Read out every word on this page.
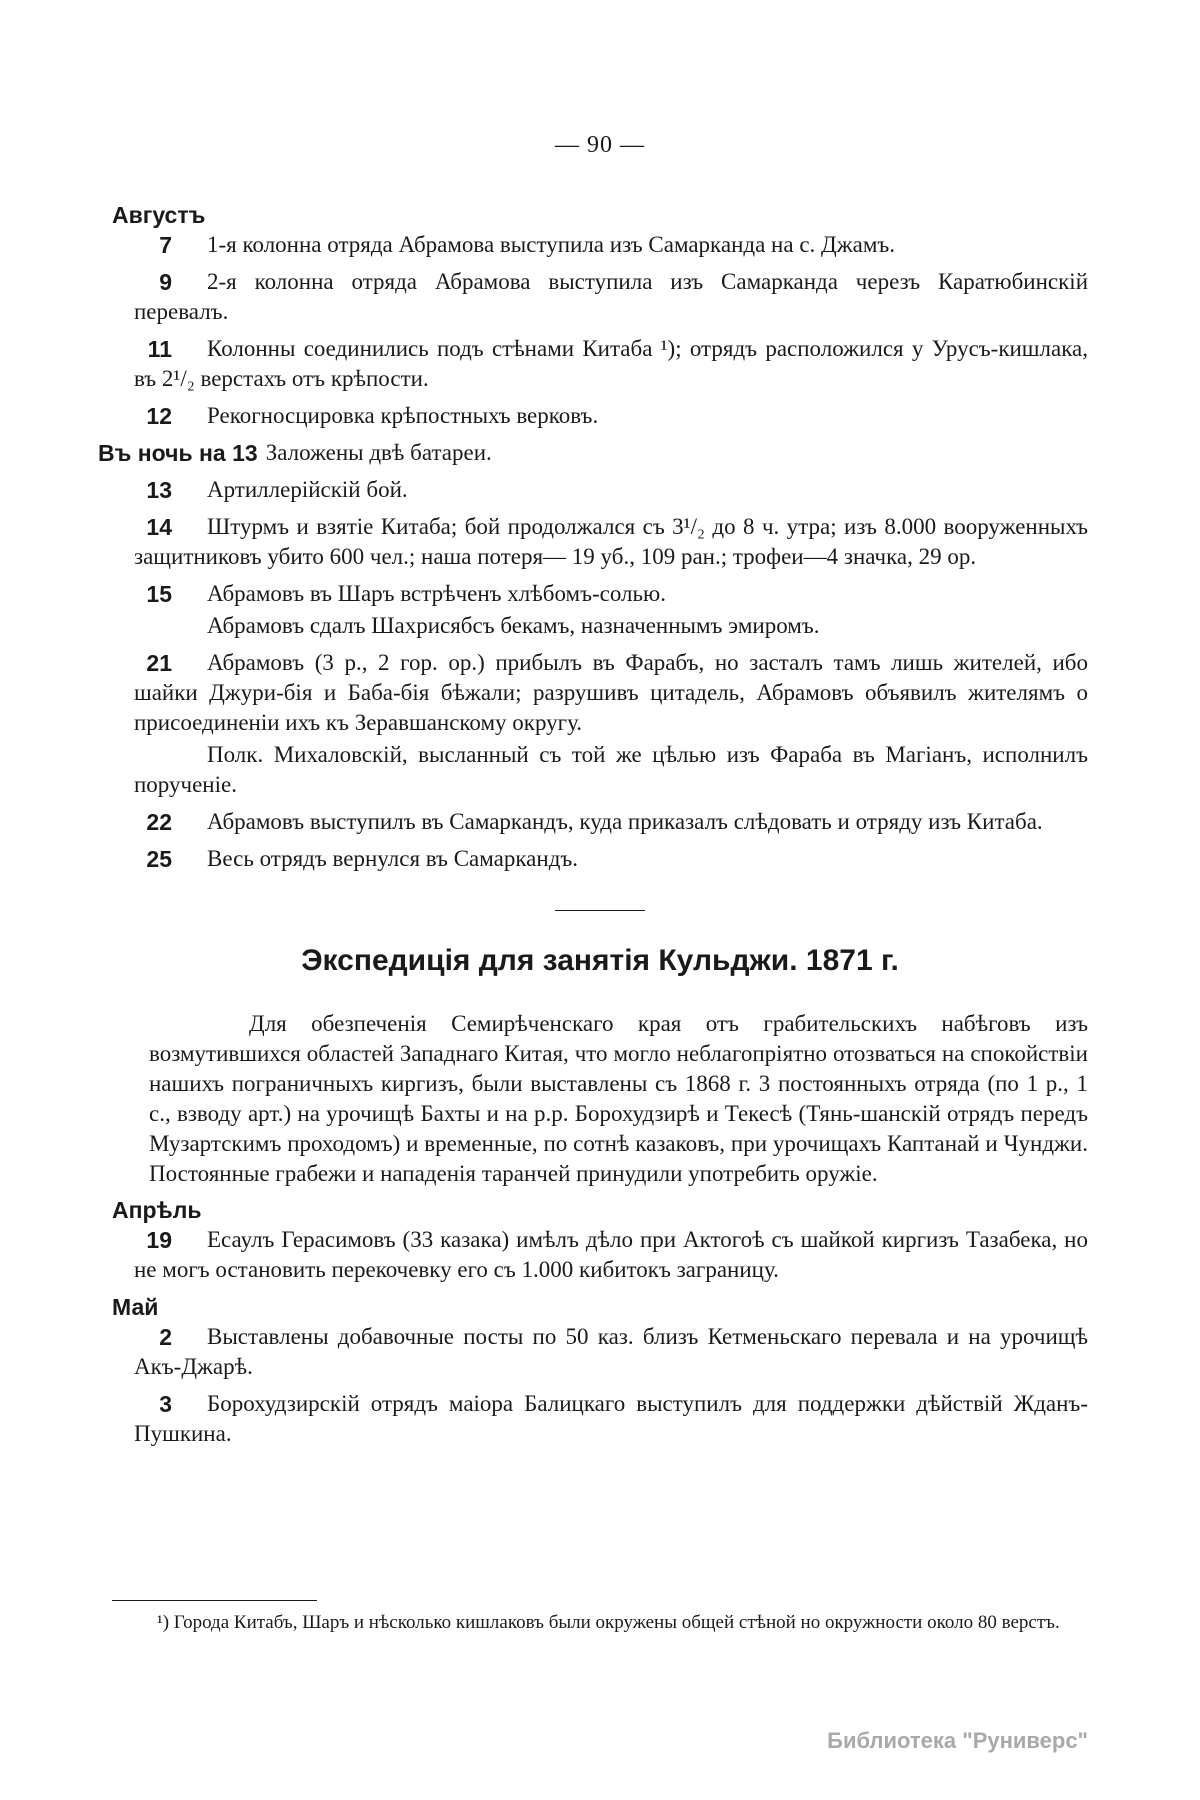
— 90 —
Августъ
7	1-я колонна отряда Абрамова выступила изъ Самарканда на с. Джамъ.
9	2-я колонна отряда Абрамова выступила изъ Самарканда черезъ Каратюбинскій перевалъ.
11	Колонны соединились подъ стѣнами Китаба ¹); отрядъ расположился у Урусъ-кишлака, въ 2¹/₂ верстахъ отъ крѣпости.
12	Рекогносцировка крѣпостныхъ верковъ.
Въ ночь на 13 Заложены двѣ батареи.
13	Артиллерійскій бой.
14	Штурмъ и взятіе Китаба; бой продолжался съ 3¹/₂ до 8 ч. утра; изъ 8.000 вооруженныхъ защитниковъ убито 600 чел.; наша потеря— 19 уб., 109 ран.; трофеи—4 значка, 29 ор.
15	Абрамовъ въ Шаръ встрѣченъ хлѣбомъ-солью.
Абрамовъ сдалъ Шахрисябсъ бекамъ, назначеннымъ эмиромъ.
21	Абрамовъ (3 р., 2 гор. ор.) прибылъ въ Фарабъ, но засталъ тамъ лишь жителей, ибо шайки Джури-бія и Баба-бія бѣжали; разрушивъ цитадель, Абрамовъ объявилъ жителямъ о присоединеніи ихъ къ Зеравшанскому округу.
Полк. Михаловскій, высланный съ той же цѣлью изъ Фараба въ Магіанъ, исполнилъ порученіе.
22	Абрамовъ выступилъ въ Самаркандъ, куда приказалъ слѣдовать и отряду изъ Китаба.
25	Весь отрядъ вернулся въ Самаркандъ.
Экспедиція для занятія Кульджи. 1871 г.
Для обезпеченія Семирѣченскаго края отъ грабительскихъ набѣговъ изъ возмутившихся областей Западнаго Китая, что могло неблагопріятно отозваться на спокойствіи нашихъ пограничныхъ киргизъ, были выставлены съ 1868 г. 3 постоянныхъ отряда (по 1 р., 1 с., взводу арт.) на урочищѣ Бахты и на р.р. Борохудзирѣ и Текесѣ (Тянь-шанскій отрядъ передъ Музартскимъ проходомъ) и временные, по сотнѣ казаковъ, при урочищахъ Каптанай и Чунджи. Постоянные грабежи и нападенія таранчей принудили употребить оружіе.
Апрѣль
19	Есаулъ Герасимовъ (33 казака) имѣлъ дѣло при Актогоѣ съ шайкой киргизъ Тазабека, но не могъ остановить перекочевку его съ 1.000 кибитокъ заграницу.
Май
2	Выставлены добавочные посты по 50 каз. близъ Кетменьскаго перевала и на урочищѣ Акъ-Джарѣ.
3	Борохудзирскій отрядъ маіора Балицкаго выступилъ для поддержки дѣйствій Жданъ-Пушкина.
¹) Города Китабъ, Шаръ и нѣсколько кишлаковъ были окружены общей стѣной но окружности около 80 верстъ.
Библиотека "Руниверс"
